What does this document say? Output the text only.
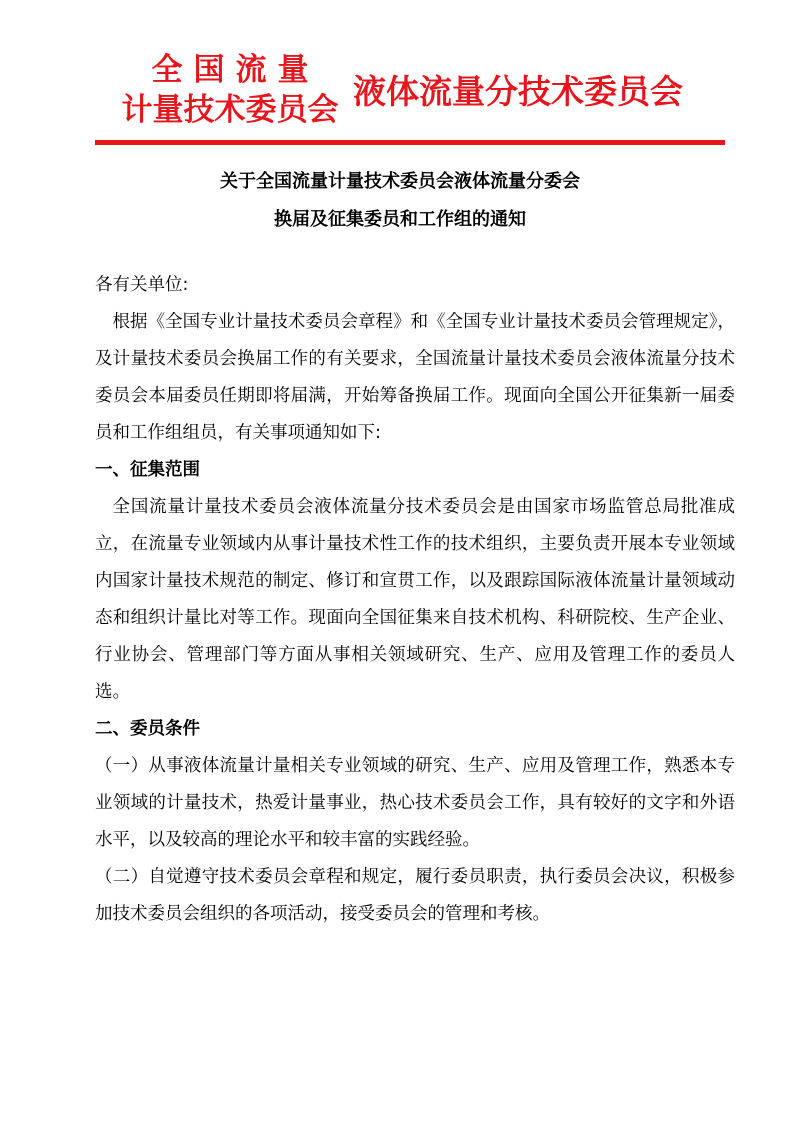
全国流量
计量技术委员会 液体流量分技术委员会
关于全国流量计量技术委员会液体流量分委会
换届及征集委员和工作组的通知

各有关单位:

根据《全国专业计量技术委员会章程》和《全国专业计量技术委员会管理规定》，及计量技术委员会换届工作的有关要求，全国流量计量技术委员会液体流量分技术委员会本届委员任期即将届满，开始筹备换届工作。现面向全国公开征集新一届委员和工作组组员，有关事项通知如下:

一、征集范围

全国流量计量技术委员会液体流量分技术委员会是由国家市场监管总局批准成立，在流量专业领域内从事计量技术性工作的技术组织，主要负责开展本专业领域内国家计量技术规范的制定、修订和宣贯工作，以及跟踪国际液体流量计量领域动态和组织计量比对等工作。现面向全国征集来自技术机构、科研院校、生产企业、行业协会、管理部门等方面从事相关领域研究、生产、应用及管理工作的委员人选。

二、委员条件

（一）从事液体流量计量相关专业领域的研究、生产、应用及管理工作，熟悉本专业领域的计量技术，热爱计量事业，热心技术委员会工作，具有较好的文字和外语水平，以及较高的理论水平和较丰富的实践经验。

（二）自觉遵守技术委员会章程和规定，履行委员职责，执行委员会决议，积极参加技术委员会组织的各项活动，接受委员会的管理和考核。
